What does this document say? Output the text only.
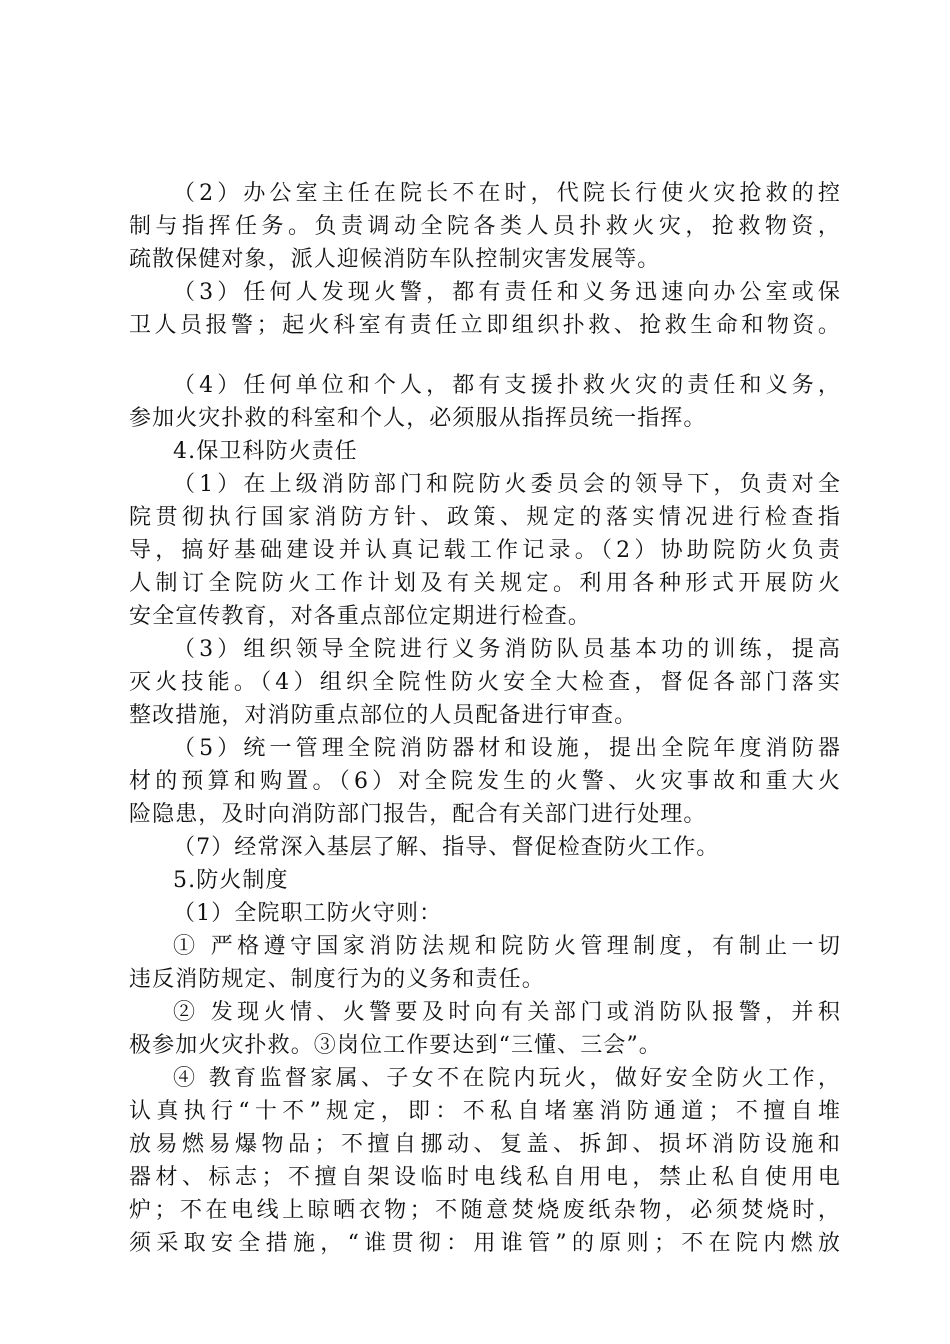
（2）办公室主任在院长不在时，代院长行使火灾抢救的控
制与指挥任务。负责调动全院各类人员扑救火灾，抢救物资，
疏散保健对象，派人迎候消防车队控制灾害发展等。
（3）任何人发现火警，都有责任和义务迅速向办公室或保
卫人员报警；起火科室有责任立即组织扑救、抢救生命和物资。
（4）任何单位和个人，都有支援扑救火灾的责任和义务，
参加火灾扑救的科室和个人，必须服从指挥员统一指挥。
4.保卫科防火责任
（1）在上级消防部门和院防火委员会的领导下，负责对全
院贯彻执行国家消防方针、政策、规定的落实情况进行检查指
导，搞好基础建设并认真记载工作记录。（2）协助院防火负责
人制订全院防火工作计划及有关规定。利用各种形式开展防火
安全宣传教育，对各重点部位定期进行检查。
（3）组织领导全院进行义务消防队员基本功的训练，提高
灭火技能。（4）组织全院性防火安全大检查，督促各部门落实
整改措施，对消防重点部位的人员配备进行审查。
（5）统一管理全院消防器材和设施，提出全院年度消防器
材的预算和购置。（6）对全院发生的火警、火灾事故和重大火
险隐患，及时向消防部门报告，配合有关部门进行处理。
（7）经常深入基层了解、指导、督促检查防火工作。
5.防火制度
（1）全院职工防火守则：
① 严格遵守国家消防法规和院防火管理制度，有制止一切
违反消防规定、制度行为的义务和责任。
② 发现火情、火警要及时向有关部门或消防队报警，并积
极参加火灾扑救。③岗位工作要达到“三懂、三会”。
④ 教育监督家属、子女不在院内玩火，做好安全防火工作，
认真执行“十不”规定，即：不私自堵塞消防通道；不擅自堆
放易燃易爆物品；不擅自挪动、复盖、拆卸、损坏消防设施和
器材、标志；不擅自架设临时电线私自用电，禁止私自使用电
炉；不在电线上晾晒衣物；不随意焚烧废纸杂物，必须焚烧时，
须采取安全措施，“谁贯彻：用谁管”的原则；不在院内燃放
